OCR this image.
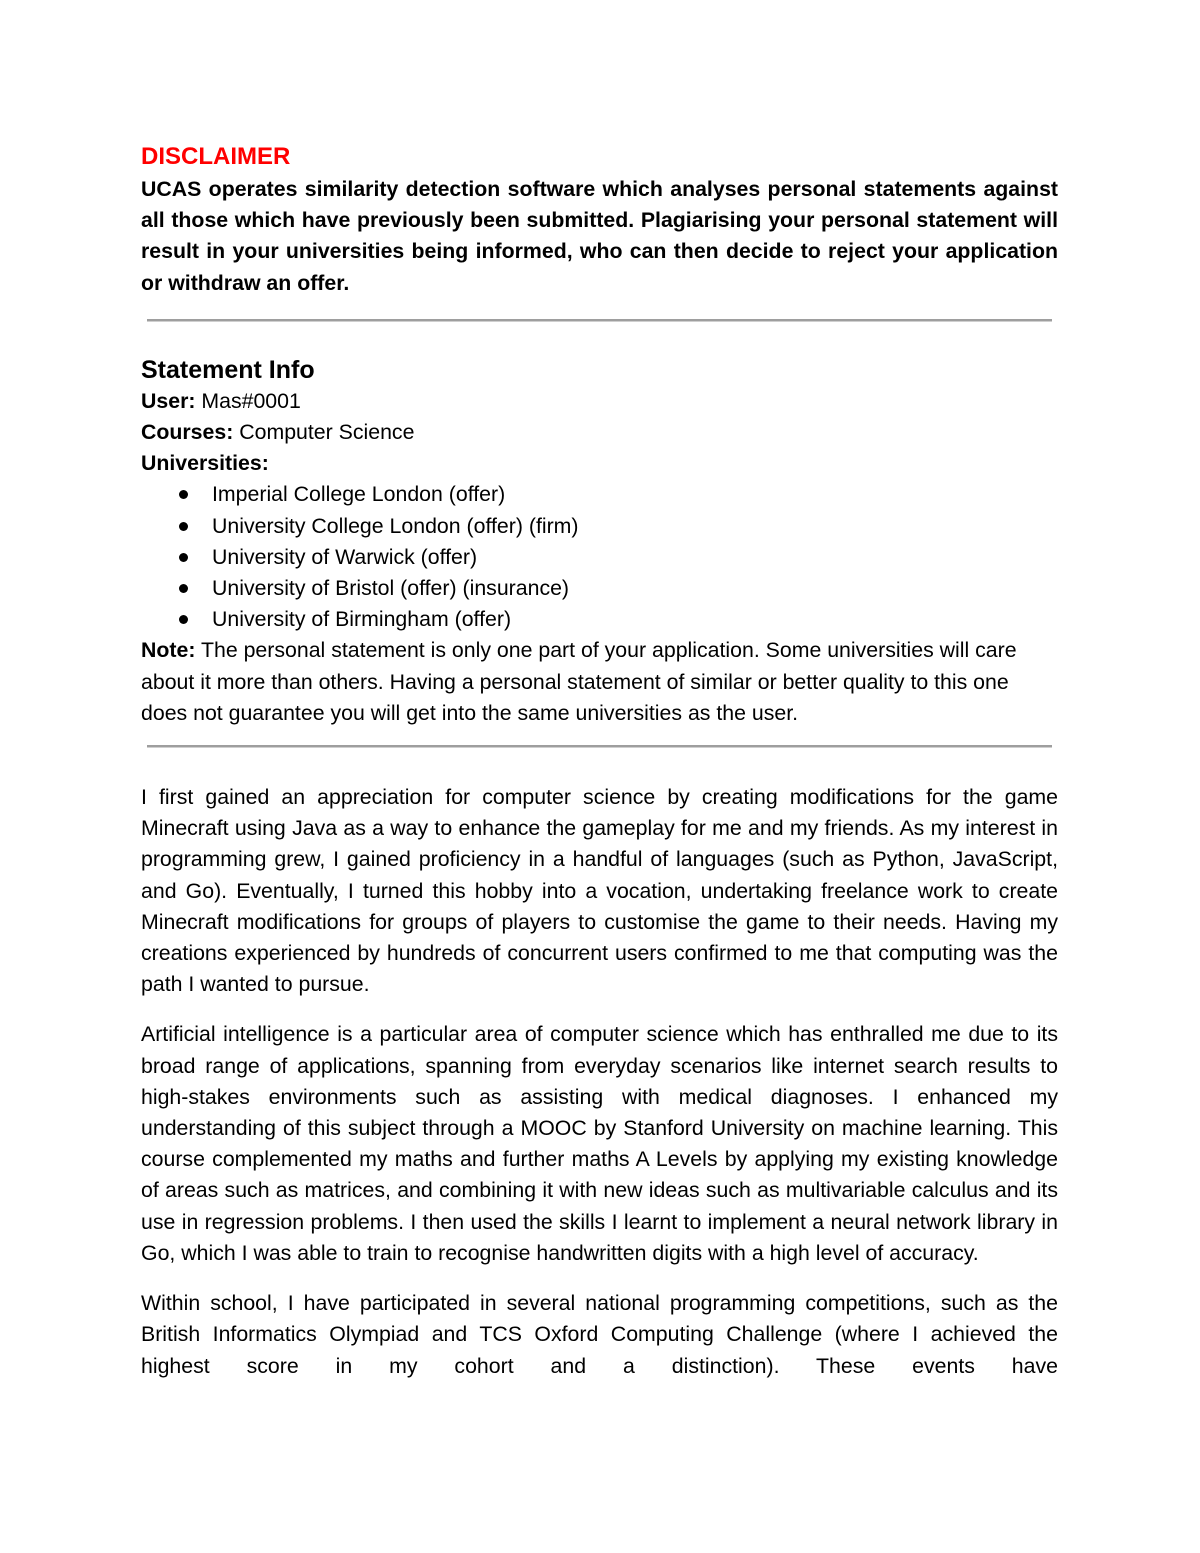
DISCLAIMER

UCAS operates similarity detection software which analyses personal statements against all those which have previously been submitted. Plagiarising your personal statement will result in your universities being informed, who can then decide to reject your application or withdraw an offer.

Statement Info

User: Mas#0001

Courses: Computer Science

Universities:

Imperial College London (offer)
University College London (offer) (firm)
University of Warwick (offer)
University of Bristol (offer) (insurance)
University of Birmingham (offer)

Note: The personal statement is only one part of your application. Some universities will care about it more than others. Having a personal statement of similar or better quality to this one does not guarantee you will get into the same universities as the user.

I first gained an appreciation for computer science by creating modifications for the game Minecraft using Java as a way to enhance the gameplay for me and my friends. As my interest in programming grew, I gained proficiency in a handful of languages (such as Python, JavaScript, and Go). Eventually, I turned this hobby into a vocation, undertaking freelance work to create Minecraft modifications for groups of players to customise the game to their needs. Having my creations experienced by hundreds of concurrent users confirmed to me that computing was the path I wanted to pursue.

Artificial intelligence is a particular area of computer science which has enthralled me due to its broad range of applications, spanning from everyday scenarios like internet search results to high-stakes environments such as assisting with medical diagnoses. I enhanced my understanding of this subject through a MOOC by Stanford University on machine learning. This course complemented my maths and further maths A Levels by applying my existing knowledge of areas such as matrices, and combining it with new ideas such as multivariable calculus and its use in regression problems. I then used the skills I learnt to implement a neural network library in Go, which I was able to train to recognise handwritten digits with a high level of accuracy.

Within school, I have participated in several national programming competitions, such as the British Informatics Olympiad and TCS Oxford Computing Challenge (where I achieved the highest score in my cohort and a distinction). These events have
